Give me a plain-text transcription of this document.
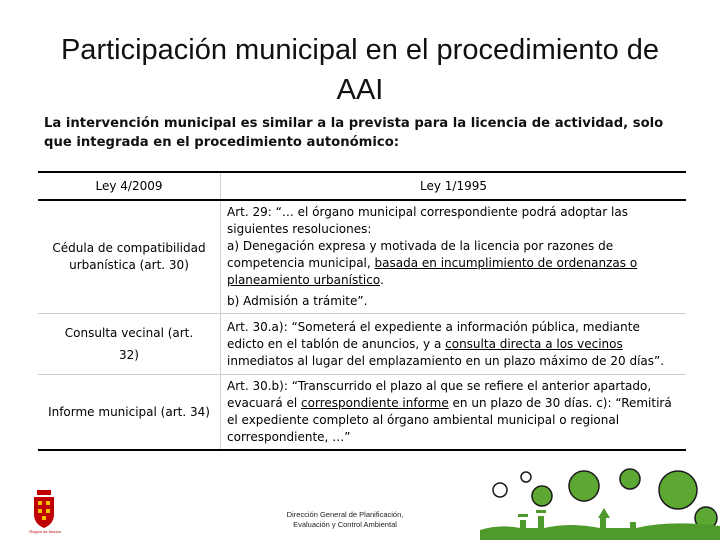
Participación municipal en el procedimiento de AAI
La intervención municipal es similar a la prevista para la licencia de actividad, solo que integrada en el procedimiento autonómico:
Ley 4/2009	Ley 1/1995
Cédula de compatibilidad urbanística (art. 30)	Art. 29: “… el órgano municipal correspondiente podrá adoptar las siguientes resoluciones:

a) Denegación expresa y motivada de la licencia por razones de competencia municipal, basada en incumplimiento de ordenanzas o planeamiento urbanístico.

b) Admisión a trámite”.

Consulta vecinal (art. 32)	Art. 30.a): “Someterá el expediente a información pública, mediante edicto en el tablón de anuncios, y a consulta directa a los vecinos inmediatos al lugar del emplazamiento en un plazo máximo de 20 días”.
Informe municipal (art. 34)	Art. 30.b): “Transcurrido el plazo al que se refiere el anterior apartado, evacuará el correspondiente informe en un plazo de 30 días. c): “Remitirá el expediente completo al órgano ambiental municipal o regional correspondiente, …”
Región de Murcia
Dirección General de Planificación,
Evaluación y Control Ambiental
